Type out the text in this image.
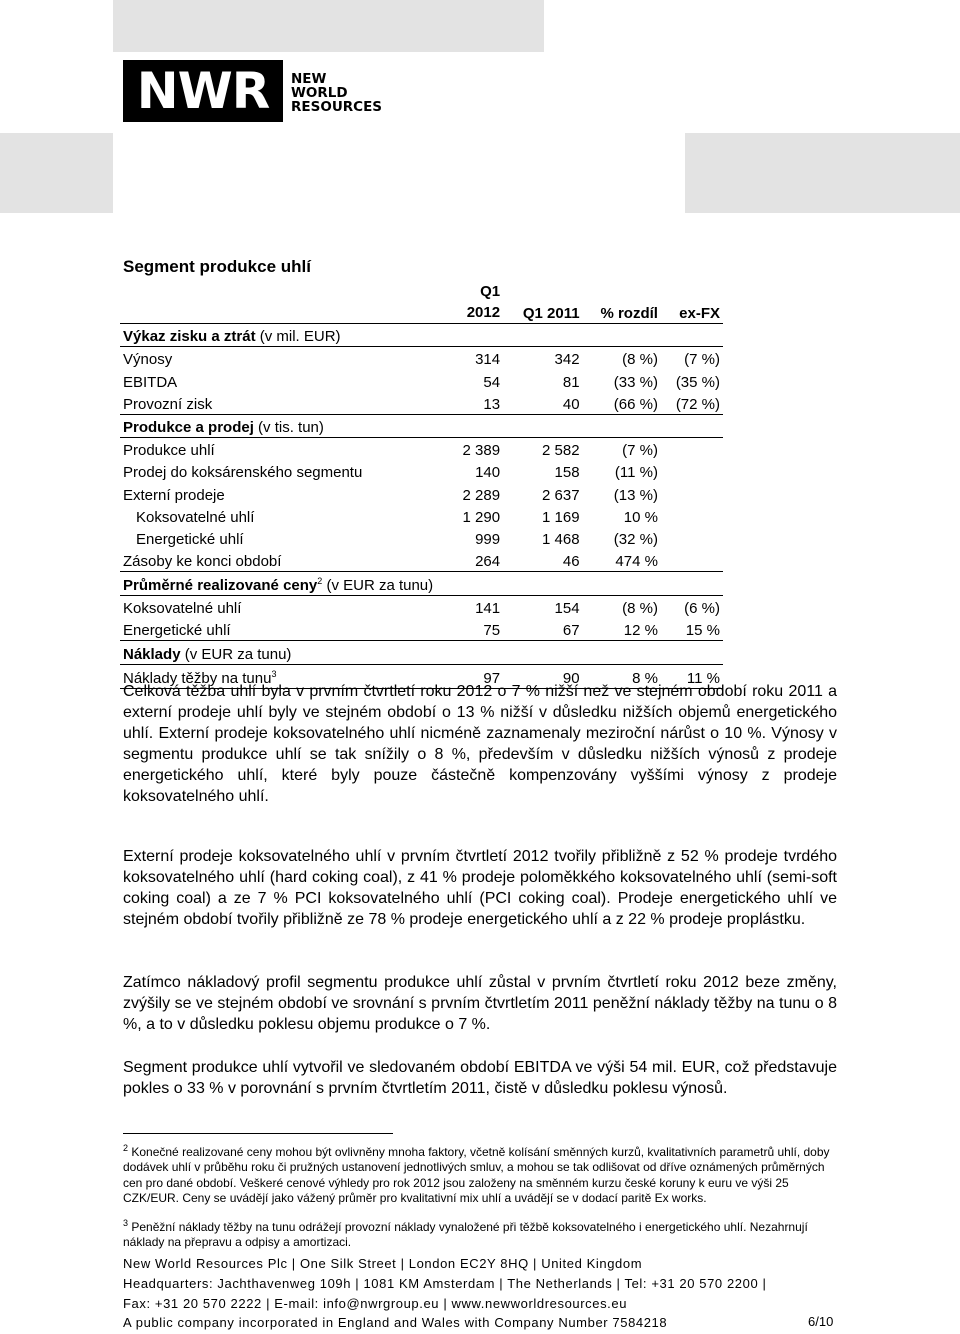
NWR	NEW
WORLD
RESOURCES
Segment produkce uhlí

	Q1
2012	Q1 2011	% rozdíl	ex-FX
Výkaz zisku a ztrát (v mil. EUR)				
Výnosy	314	342	(8 %)	(7 %)
EBITDA	54	81	(33 %)	(35 %)
Provozní zisk	13	40	(66 %)	(72 %)
Produkce a prodej (v tis. tun)				
Produkce uhlí	2 389	2 582	(7 %)	
Prodej do koksárenského segmentu	140	158	(11 %)	
Externí prodeje	2 289	2 637	(13 %)	
Koksovatelné uhlí	1 290	1 169	10 %	
Energetické uhlí	999	1 468	(32 %)	
Zásoby ke konci období	264	46	474 %	
Průměrné realizované ceny$^2$ (v EUR za tunu)				
Koksovatelné uhlí	141	154	(8 %)	(6 %)
Energetické uhlí	75	67	12 %	15 %
Náklady (v EUR za tunu)				
Náklady těžby na tunu$^3$	97	90	8 %	11 %

Celková těžba uhlí byla v prvním čtvrtletí roku 2012 o 7 % nižší než ve stejném období roku 2011 a externí prodeje uhlí byly ve stejném období o 13 % nižší v důsledku nižších objemů energetického uhlí. Externí prodeje koksovatelného uhlí nicméně zaznamenaly meziroční nárůst o 10 %. Výnosy v segmentu produkce uhlí se tak snížily o 8 %, především v důsledku nižších výnosů z prodeje energetického uhlí, které byly pouze částečně kompenzovány vyššími výnosy z prodeje koksovatelného uhlí.

Externí prodeje koksovatelného uhlí v prvním čtvrtletí 2012 tvořily přibližně z 52 % prodeje tvrdého koksovatelného uhlí (hard coking coal), z 41 % prodeje poloměkkého koksovatelného uhlí (semi-soft coking coal) a ze 7 % PCI koksovatelného uhlí (PCI coking coal). Prodeje energetického uhlí ve stejném období tvořily přibližně ze 78 % prodeje energetického uhlí a z 22 % prodeje proplástku.

Zatímco nákladový profil segmentu produkce uhlí zůstal v prvním čtvrtletí roku 2012 beze změny, zvýšily se ve stejném období ve srovnání s prvním čtvrtletím 2011 peněžní náklady těžby na tunu o 8 %, a to v důsledku poklesu objemu produkce o 7 %.

Segment produkce uhlí vytvořil ve sledovaném období EBITDA ve výši 54 mil. EUR, což představuje pokles o 33 % v porovnání s prvním čtvrtletím 2011, čistě v důsledku poklesu výnosů.

$^2$ Konečné realizované ceny mohou být ovlivněny mnoha faktory, včetně kolísání směnných kurzů, kvalitativních parametrů uhlí, doby dodávek uhlí v průběhu roku či pružných ustanovení jednotlivých smluv, a mohou se tak odlišovat od dříve oznámených průměrných cen pro dané období. Veškeré cenové výhledy pro rok 2012 jsou založeny na směnném kurzu české koruny k euru ve výši 25 CZK/EUR. Ceny se uvádějí jako vážený průměr pro kvalitativní mix uhlí a uvádějí se v dodací paritě Ex works.
$^3$ Peněžní náklady těžby na tunu odrážejí provozní náklady vynaložené při těžbě koksovatelného i energetického uhlí. Nezahrnují náklady na přepravu a odpisy a amortizaci.
New World Resources Plc | One Silk Street | London EC2Y 8HQ | United Kingdom
Headquarters: Jachthavenweg 109h | 1081 KM Amsterdam | The Netherlands | Tel: +31 20 570 2200 |
Fax: +31 20 570 2222 | E-mail: info@nwrgroup.eu | www.newworldresources.eu
A public company incorporated in England and Wales with Company Number 7584218	6/10
